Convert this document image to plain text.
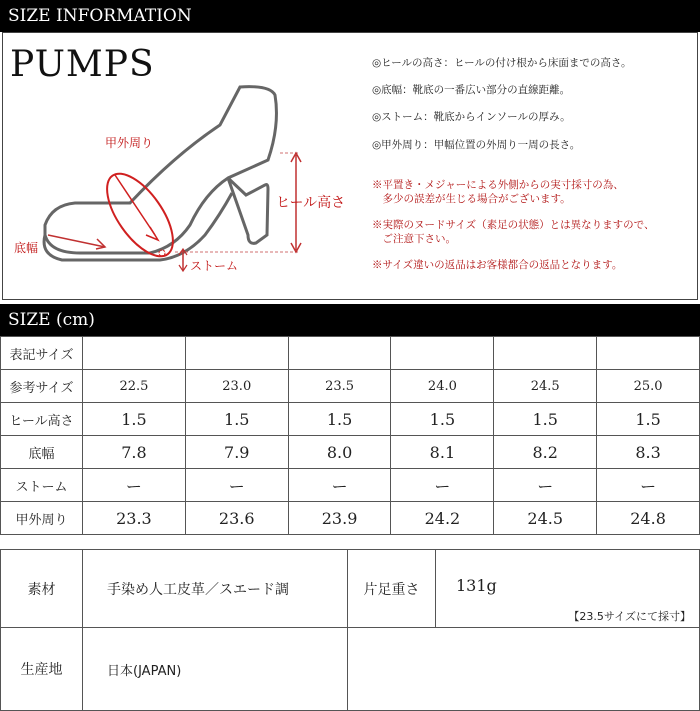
SIZE INFORMATION
PUMPS
甲外周り
ヒール高さ
底幅
ストーム
◎ヒールの高さ：ヒールの付け根から床面までの高さ。
◎底幅：靴底の一番広い部分の直線距離。
◎ストーム：靴底からインソールの厚み。
◎甲外周り：甲幅位置の外周り一周の長さ。
※平置き・メジャーによる外側からの実寸採寸の為、
　多少の誤差が生じる場合がございます。
※実際のヌードサイズ（素足の状態）とは異なりますので、
　ご注意下さい。
※サイズ違いの返品はお客様都合の返品となります。
SIZE (cm)
表記サイズ						
参考サイズ	22.5	23.0	23.5	24.0	24.5	25.0
ヒール高さ	1.5	1.5	1.5	1.5	1.5	1.5
底幅	7.8	7.9	8.0	8.1	8.2	8.3
ストーム	ー	ー	ー	ー	ー	ー
甲外周り	23.3	23.6	23.9	24.2	24.5	24.8
素材	手染め人工皮革／スエード調	片足重さ	131g
【23.5サイズにて採寸】
生産地	日本(JAPAN)	
